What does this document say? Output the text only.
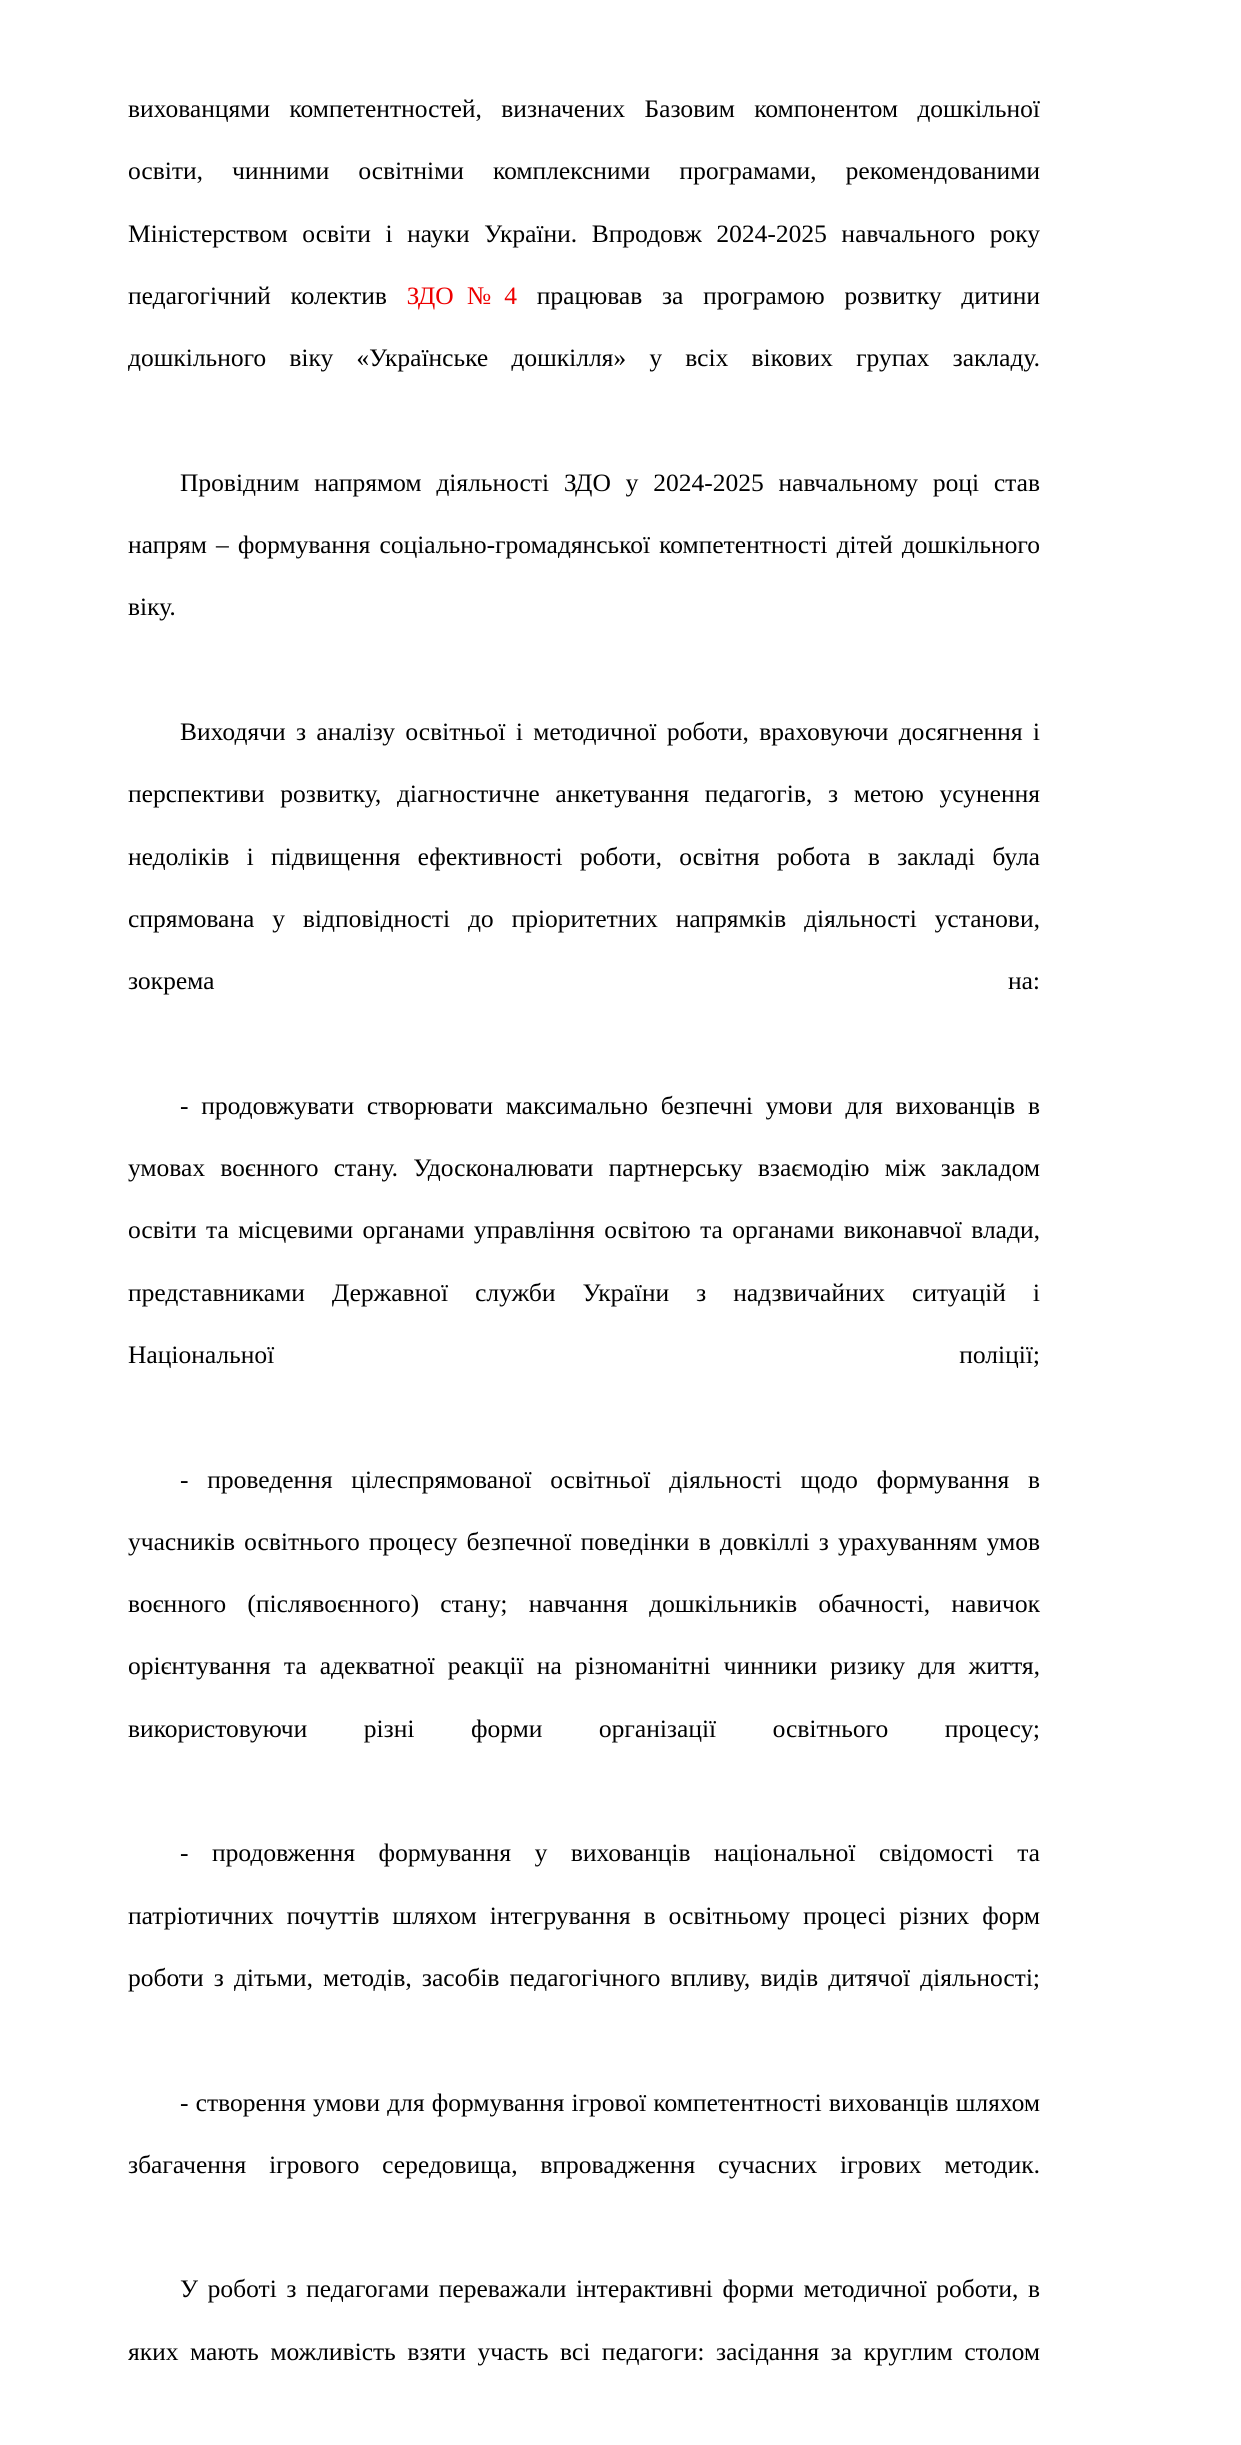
вихованцями компетентностей, визначених Базовим компонентом дошкільної освіти, чинними освітніми комплексними програмами, рекомендованими Міністерством освіти і науки України. Впродовж 2024-2025 навчального року педагогічний колектив ЗДО№4 працював за програмою розвитку дитини дошкільного віку «Українське дошкілля» у всіх вікових групах закладу.

Провідним напрямом діяльності ЗДО у 2024-2025 навчальному році став напрям – формування соціально-громадянської компетентності дітей дошкільного віку.

Виходячи з аналізу освітньої і методичної роботи, враховуючи досягнення і перспективи розвитку, діагностичне анкетування педагогів, з метою усунення недоліків і підвищення ефективності роботи, освітня робота в закладі була спрямована у відповідності до пріоритетних напрямків діяльності установи, зокрема на:

- продовжувати створювати максимально безпечні умови для вихованців в умовах воєнного стану. Удосконалювати партнерську взаємодію між закладом освіти та місцевими органами управління освітою та органами виконавчої влади, представниками Державної служби України з надзвичайних ситуацій і Національної поліції;

- проведення цілеспрямованої освітньої діяльності щодо формування в учасників освітнього процесу безпечної поведінки в довкіллі з урахуванням умов воєнного (післявоєнного) стану; навчання дошкільників обачності, навичок орієнтування та адекватної реакції на різноманітні чинники ризику для життя, використовуючи різні форми організації освітнього процесу;

- продовження формування у вихованців національної свідомості та патріотичних почуттів шляхом інтегрування в освітньому процесі різних форм роботи з дітьми, методів, засобів педагогічного впливу, видів дитячої діяльності;

- створення умови для формування ігрової компетентності вихованців шляхом збагачення ігрового середовища, впровадження сучасних ігрових методик.

У роботі з педагогами переважали інтерактивні форми методичної роботи, в яких мають можливість взяти участь всі педагоги: засідання за круглим столом
